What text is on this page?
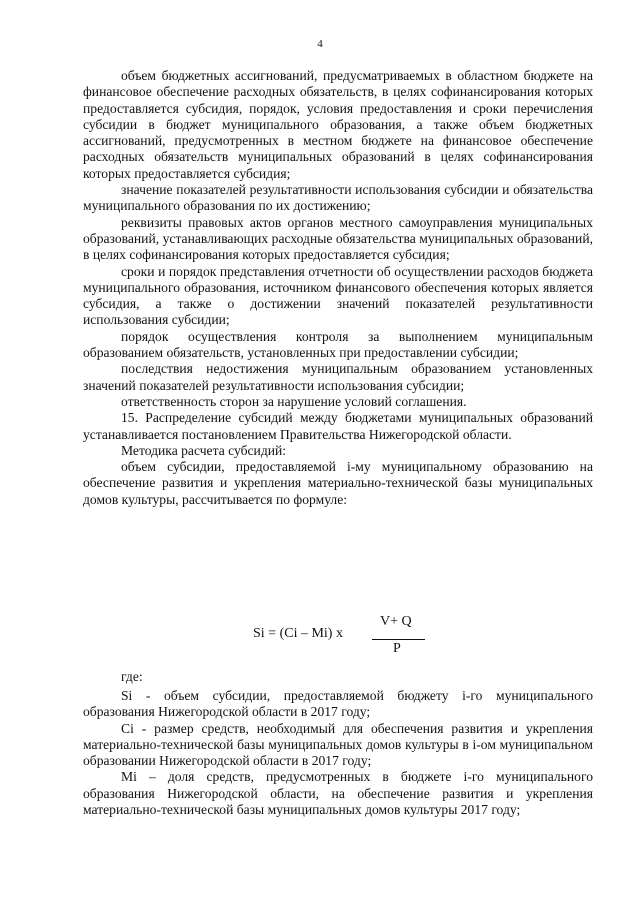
4

объем бюджетных ассигнований, предусматриваемых в областном бюджете на финансовое обеспечение расходных обязательств, в целях софинансирования которых предоставляется субсидия, порядок, условия предоставления и сроки перечисления субсидии в бюджет муниципального образования, а также объем бюджетных ассигнований, предусмотренных в местном бюджете на финансовое обеспечение расходных обязательств муниципальных образований в целях софинансирования которых предоставляется субсидия;

значение показателей результативности использования субсидии и обязательства муниципального образования по их достижению;

реквизиты правовых актов органов местного самоуправления муниципальных образований, устанавливающих расходные обязательства муниципальных образований, в целях софинансирования которых предоставляется субсидия;

сроки и порядок представления отчетности об осуществлении расходов бюджета муниципального образования, источником финансового обеспечения которых является субсидия, а также о достижении значений показателей результативности использования субсидии;

порядок осуществления контроля за выполнением муниципальным образованием обязательств, установленных при предоставлении субсидии;

последствия недостижения муниципальным образованием установленных значений показателей результативности использования субсидии;

ответственность сторон за нарушение условий соглашения.

15. Распределение субсидий между бюджетами муниципальных образований устанавливается постановлением Правительства Нижегородской области.

Методика расчета субсидий:

объем субсидии, предоставляемой i-му муниципальному образованию на обеспечение развития и укрепления материально-технической базы муниципальных домов культуры, рассчитывается по формуле:

Si = (Ci – Mi) x
V+ Q
P
где:

Si - объем субсидии, предоставляемой бюджету i-го муниципального образования Нижегородской области в 2017 году;

Ci - размер средств, необходимый для обеспечения развития и укрепления материально-технической базы муниципальных домов культуры в i-ом муниципальном образовании Нижегородской области в 2017 году;

Mi – доля средств, предусмотренных в бюджете i-го муниципального образования Нижегородской области, на обеспечение развития и укрепления материально-технической базы муниципальных домов культуры 2017 году;
